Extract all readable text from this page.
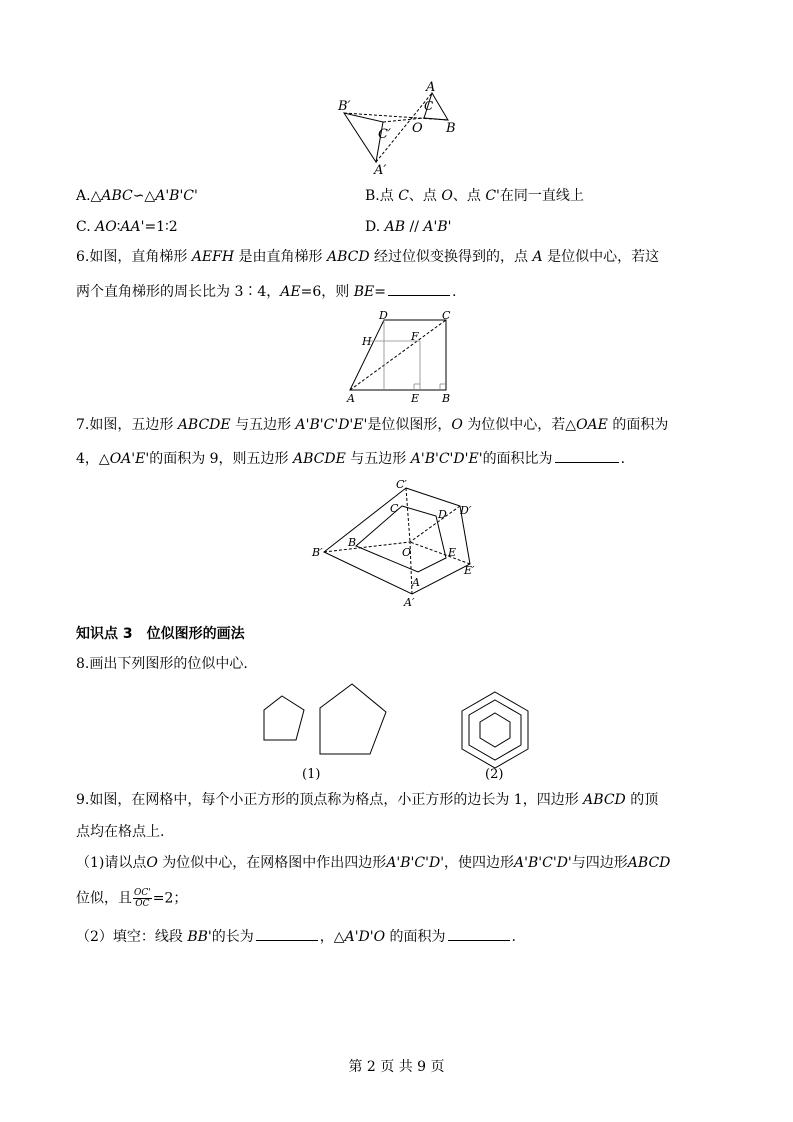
A
B
C
O
B′
C′
A′
A.△ABC∽△A'B'C'	B.点 C、点 O、点 C'在同一直线上
C. AO∶AA'=1∶2	D. AB // A'B'
6.如图，直角梯形 AEFH 是由直角梯形 ABCD 经过位似变换得到的，点 A 是位似中心，若这
两个直角梯形的周长比为 3∶4，AE=6，则 BE=	.
D	C
H	F
A	E B
7.如图，五边形 ABCDE 与五边形 A'B'C'D'E'是位似图形，O 为位似中心，若△OAE 的面积为
4，△OA'E'的面积为 9，则五边形 ABCDE 与五边形 A'B'C'D'E'的面积比为	.
C′
C	D D′
B′
B
O	E
E′
A
A′
知识点 3 位似图形的画法
8.画出下列图形的位似中心.
(1)	(2)
9.如图，在网格中，每个小正方形的顶点称为格点，小正方形的边长为 1，四边形 ABCD 的顶
点均在格点上.
（1)请以点O 为位似中心，在网格图中作出四边形A'B'C'D'，使四边形A'B'C'D'与四边形ABCD
位似，且 $\frac{OC'}{OC} =2$；
（2）填空：线段 BB'的长为	，△A'D'O 的面积为	.
第 2 页 共 9 页
